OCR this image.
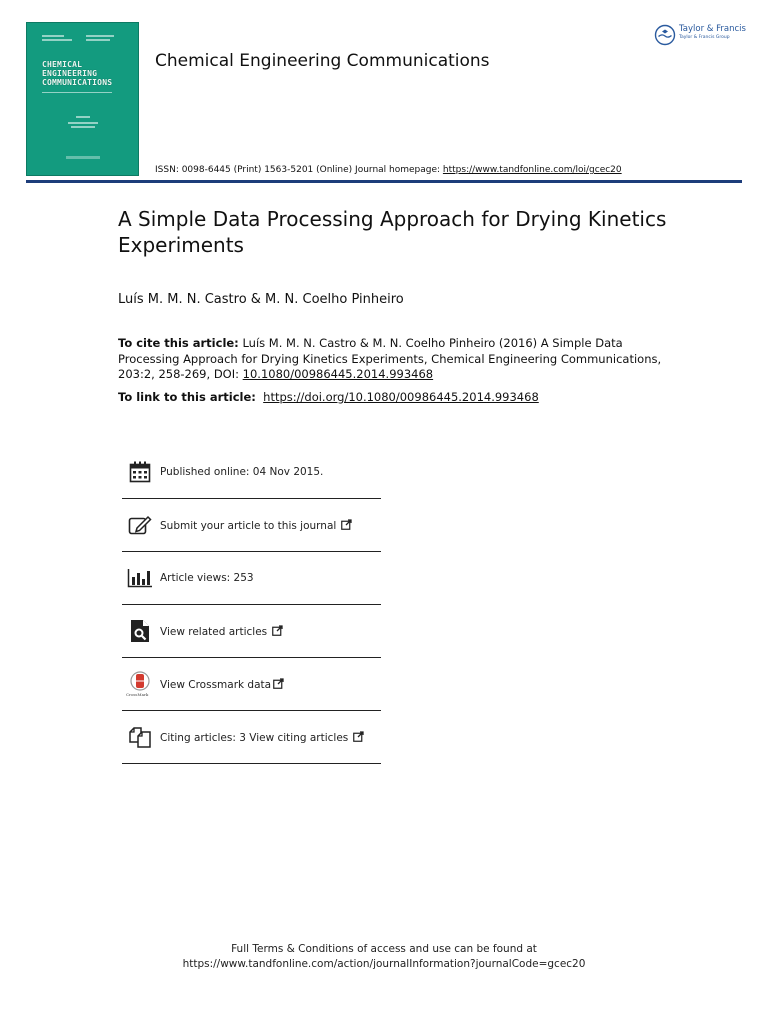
CHEMICAL
ENGINEERING
COMMUNICATIONS
Chemical Engineering Communications
Taylor & Francis
Taylor & Francis Group
ISSN: 0098-6445 (Print) 1563-5201 (Online) Journal homepage: https://www.tandfonline.com/loi/gcec20
A Simple Data Processing Approach for Drying Kinetics Experiments
Luís M. M. N. Castro & M. N. Coelho Pinheiro
To cite this article: Luís M. M. N. Castro & M. N. Coelho Pinheiro (2016) A Simple Data Processing Approach for Drying Kinetics Experiments, Chemical Engineering Communications, 203:2, 258-269, DOI: 10.1080/00986445.2014.993468
To link to this article: https://doi.org/10.1080/00986445.2014.993468
Published online: 04 Nov 2015.
Submit your article to this journal
Article views: 253
View related articles
CrossMark
View Crossmark data
Citing articles: 3 View citing articles
Full Terms & Conditions of access and use can be found at
https://www.tandfonline.com/action/journalInformation?journalCode=gcec20
